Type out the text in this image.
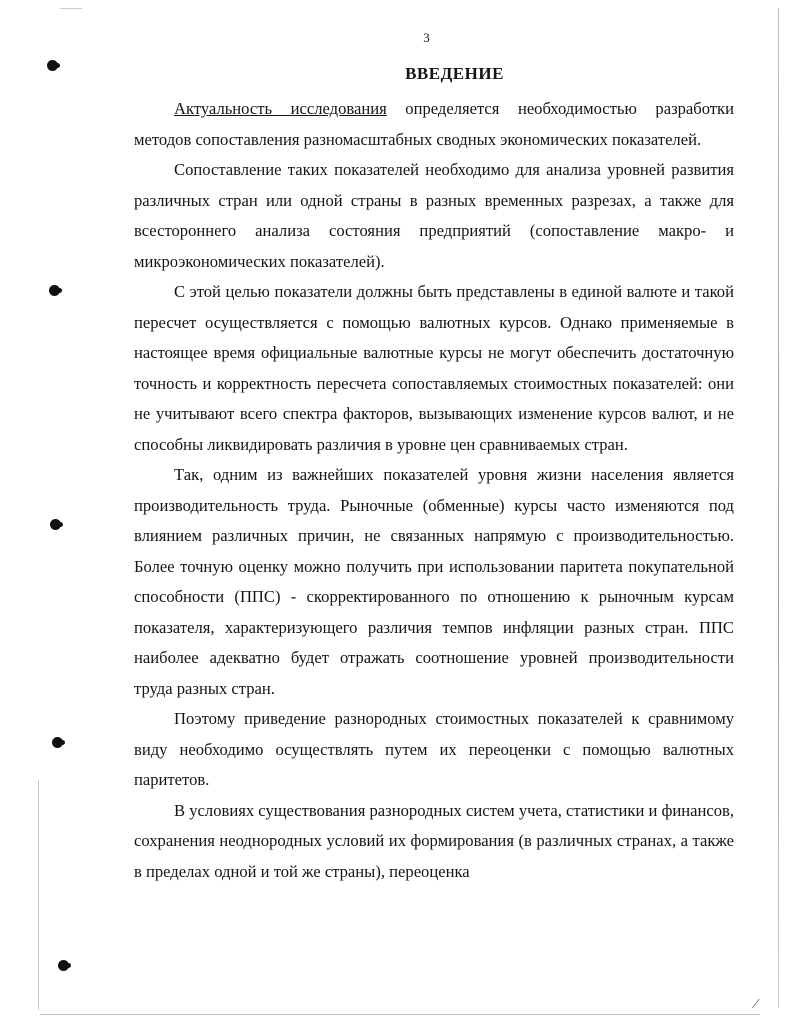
3
ВВЕДЕНИЕ

Актуальность исследования определяется необходимостью разработки методов сопоставления разномасштабных сводных экономических показателей.

Сопоставление таких показателей необходимо для анализа уровней развития различных стран или одной страны в разных временных разрезах, а также для всестороннего анализа состояния предприятий (сопоставление макро- и микроэкономических показателей).

С этой целью показатели должны быть представлены в единой валюте и такой пересчет осуществляется с помощью валютных курсов. Однако применяемые в настоящее время официальные валютные курсы не могут обеспечить достаточную точность и корректность пересчета сопоставляемых стоимостных показателей: они не учитывают всего спектра факторов, вызывающих изменение курсов валют, и не способны ликвидировать различия в уровне цен сравниваемых стран.

Так, одним из важнейших показателей уровня жизни населения является производительность труда. Рыночные (обменные) курсы часто изменяются под влиянием различных причин, не связанных напрямую с производительностью. Более точную оценку можно получить при использовании паритета покупательной способности (ППС) - скорректированного по отношению к рыночным курсам показателя, характеризующего различия темпов инфляции разных стран. ППС наиболее адекватно будет отражать соотношение уровней производительности труда разных стран.

Поэтому приведение разнородных стоимостных показателей к сравнимому виду необходимо осуществлять путем их переоценки с помощью валютных паритетов.

В условиях существования разнородных систем учета, статистики и финансов, сохранения неоднородных условий их формирования (в различных странах, а также в пределах одной и той же страны), переоценка

⁄
